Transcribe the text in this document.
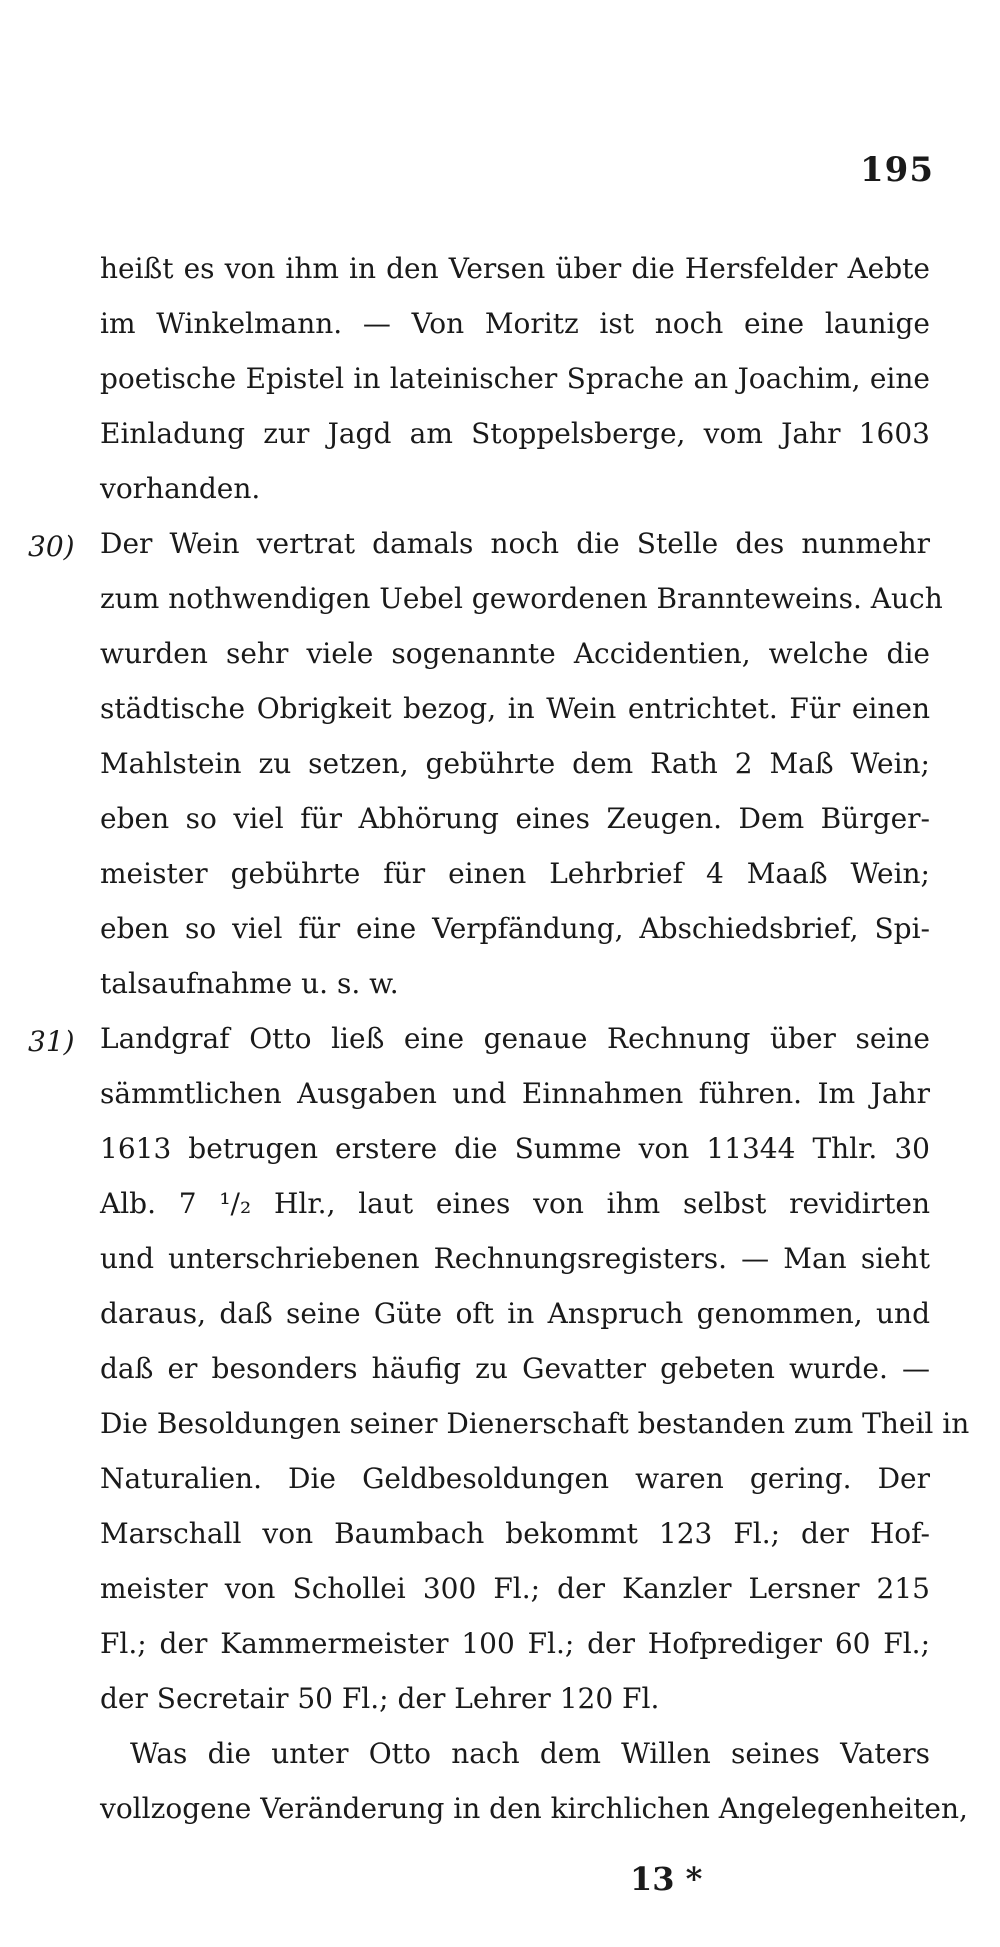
195
heißt es von ihm in den Versen über die Hersfelder Aebte
im Winkelmann. — Von Moritz ist noch eine launige
poetische Epistel in lateinischer Sprache an Joachim, eine
Einladung zur Jagd am Stoppelsberge, vom Jahr 1603
vorhanden.
30) Der Wein vertrat damals noch die Stelle des nunmehr
zum nothwendigen Uebel gewordenen Brannteweins. Auch
wurden sehr viele sogenannte Accidentien, welche die
städtische Obrigkeit bezog, in Wein entrichtet. Für einen
Mahlstein zu setzen, gebührte dem Rath 2 Maß Wein;
eben so viel für Abhörung eines Zeugen. Dem Bürger-
meister gebührte für einen Lehrbrief 4 Maaß Wein;
eben so viel für eine Verpfändung, Abschiedsbrief, Spi-
talsaufnahme u. s. w.
31) Landgraf Otto ließ eine genaue Rechnung über seine
sämmtlichen Ausgaben und Einnahmen führen. Im Jahr
1613 betrugen erstere die Summe von 11344 Thlr. 30
Alb. 7 ¹/₂ Hlr., laut eines von ihm selbst revidirten
und unterschriebenen Rechnungsregisters. — Man sieht
daraus, daß seine Güte oft in Anspruch genommen, und
daß er besonders häufig zu Gevatter gebeten wurde. —
Die Besoldungen seiner Dienerschaft bestanden zum Theil in
Naturalien. Die Geldbesoldungen waren gering. Der
Marschall von Baumbach bekommt 123 Fl.; der Hof-
meister von Schollei 300 Fl.; der Kanzler Lersner 215
Fl.; der Kammermeister 100 Fl.; der Hofprediger 60 Fl.;
der Secretair 50 Fl.; der Lehrer 120 Fl.
Was die unter Otto nach dem Willen seines Vaters
vollzogene Veränderung in den kirchlichen Angelegenheiten,
13 *
